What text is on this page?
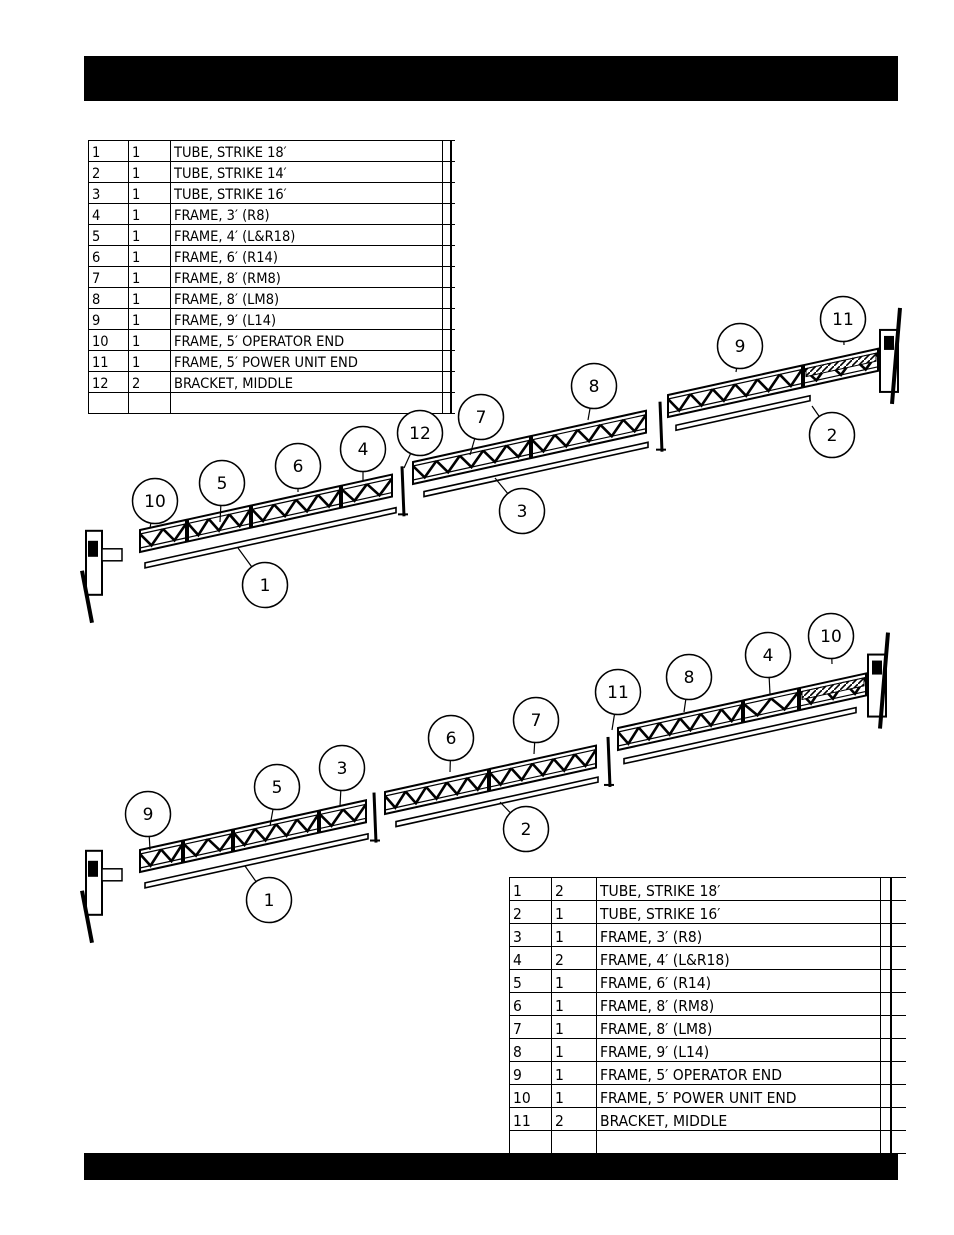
1	1	TUBE, STRIKE 18′		
2	1	TUBE, STRIKE 14′		
3	1	TUBE, STRIKE 16′		
4	1	FRAME, 3′ (R8)		
5	1	FRAME, 4′ (L&R18)		
6	1	FRAME, 6′ (R14)		
7	1	FRAME, 8′ (RM8)		
8	1	FRAME, 8′ (LM8)		
9	1	FRAME, 9′ (L14)		
10	1	FRAME, 5′ OPERATOR END		
11	1	FRAME, 5′ POWER UNIT END		
12	2	BRACKET, MIDDLE		

1	2	TUBE, STRIKE 18′		
2	1	TUBE, STRIKE 16′		
3	1	FRAME, 3′ (R8)		
4	2	FRAME, 4′ (L&R18)		
5	1	FRAME, 6′ (R14)		
6	1	FRAME, 8′ (RM8)		
7	1	FRAME, 8′ (LM8)		
8	1	FRAME, 9′ (L14)		
9	1	FRAME, 5′ OPERATOR END		
10	1	FRAME, 5′ POWER UNIT END		
11	2	BRACKET, MIDDLE		

10
5
6
4
12
7
8
9
11
1
3
2
9
5
3
6
7
11
8
4
10
1
2
